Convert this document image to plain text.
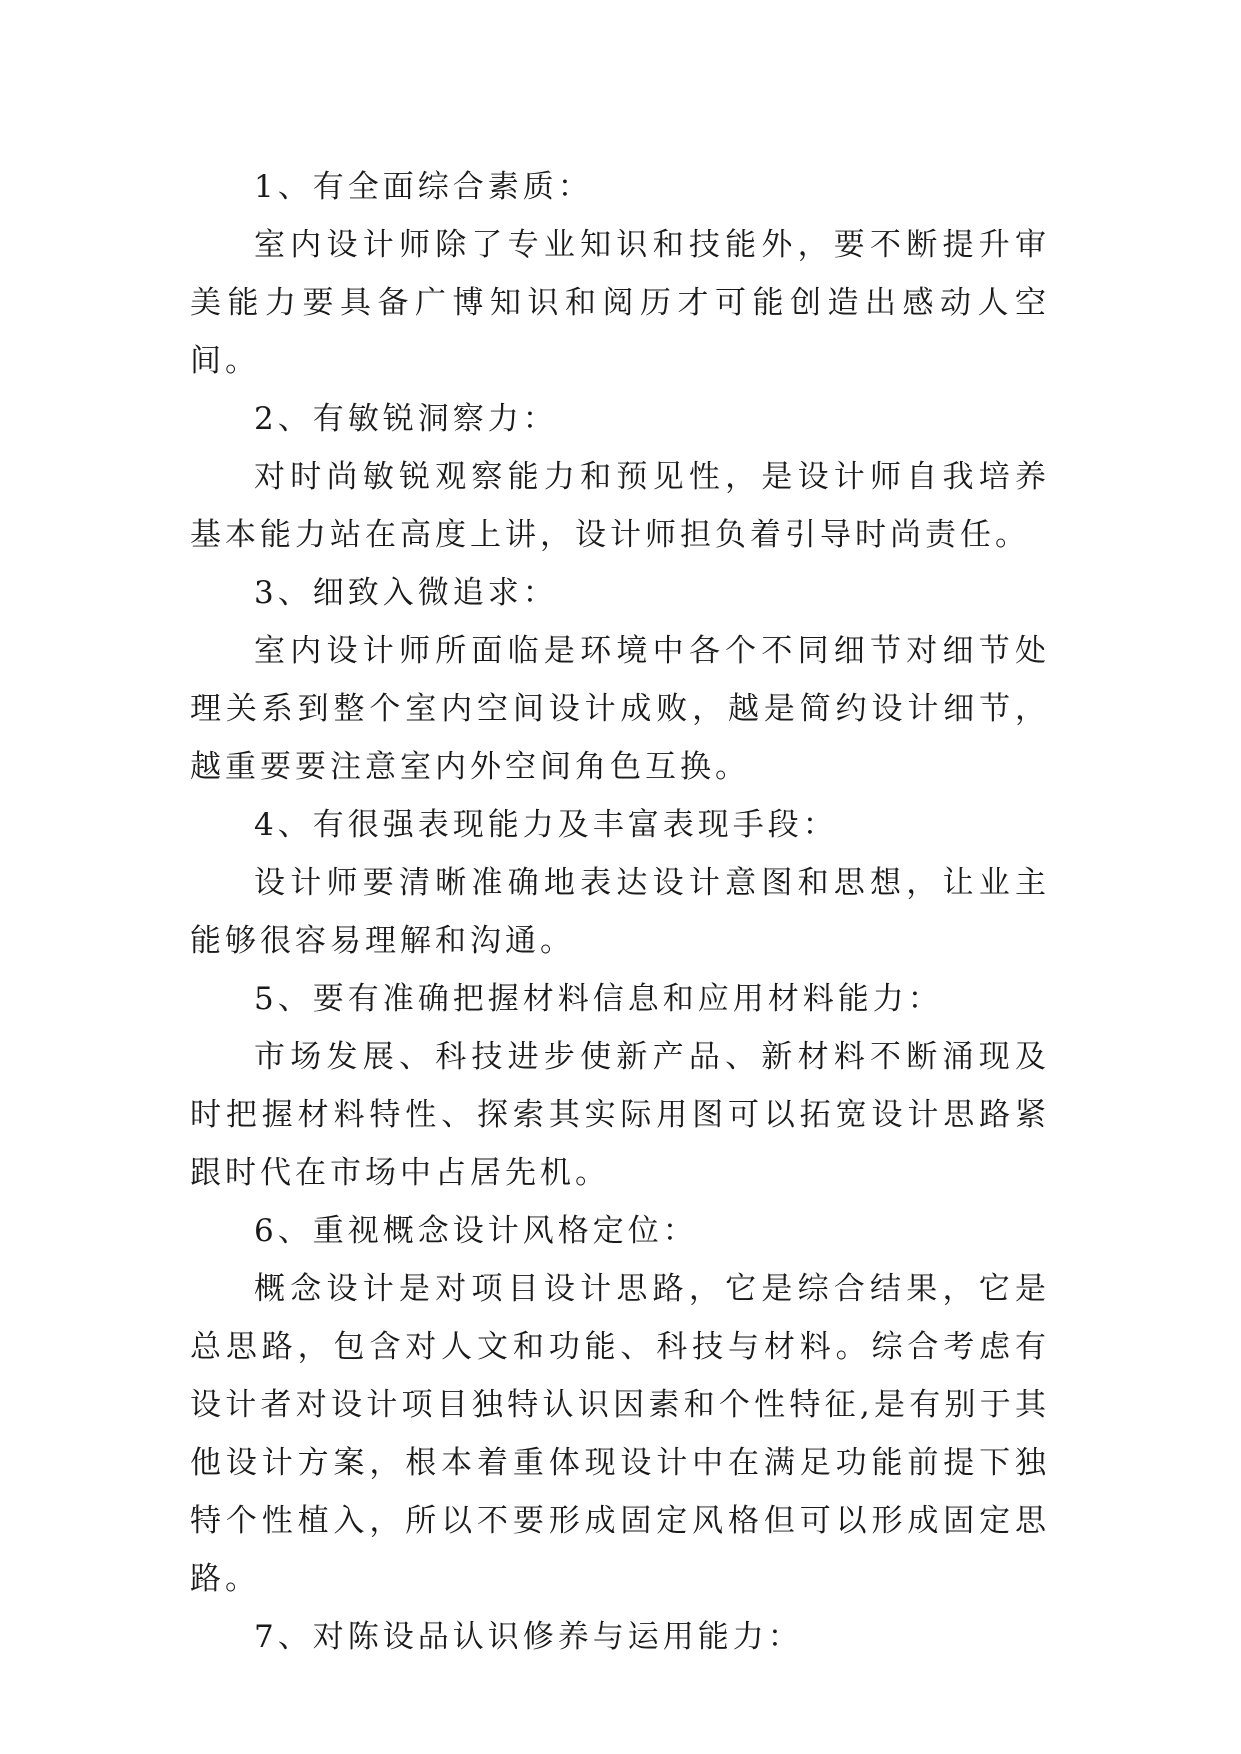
1、有全面综合素质：

室内设计师除了专业知识和技能外，要不断提升审美能力要具备广博知识和阅历才可能创造出感动人空间。

2、有敏锐洞察力：

对时尚敏锐观察能力和预见性，是设计师自我培养基本能力站在高度上讲，设计师担负着引导时尚责任。

3、细致入微追求：

室内设计师所面临是环境中各个不同细节对细节处理关系到整个室内空间设计成败，越是简约设计细节，越重要要注意室内外空间角色互换。

4、有很强表现能力及丰富表现手段：

设计师要清晰准确地表达设计意图和思想，让业主能够很容易理解和沟通。

5、要有准确把握材料信息和应用材料能力：

市场发展、科技进步使新产品、新材料不断涌现及时把握材料特性、探索其实际用图可以拓宽设计思路紧跟时代在市场中占居先机。

6、重视概念设计风格定位：

概念设计是对项目设计思路，它是综合结果，它是总思路，包含对人文和功能、科技与材料。综合考虑有设计者对设计项目独特认识因素和个性特征,是有别于其他设计方案，根本着重体现设计中在满足功能前提下独特个性植入，所以不要形成固定风格但可以形成固定思路。

7、对陈设品认识修养与运用能力：
